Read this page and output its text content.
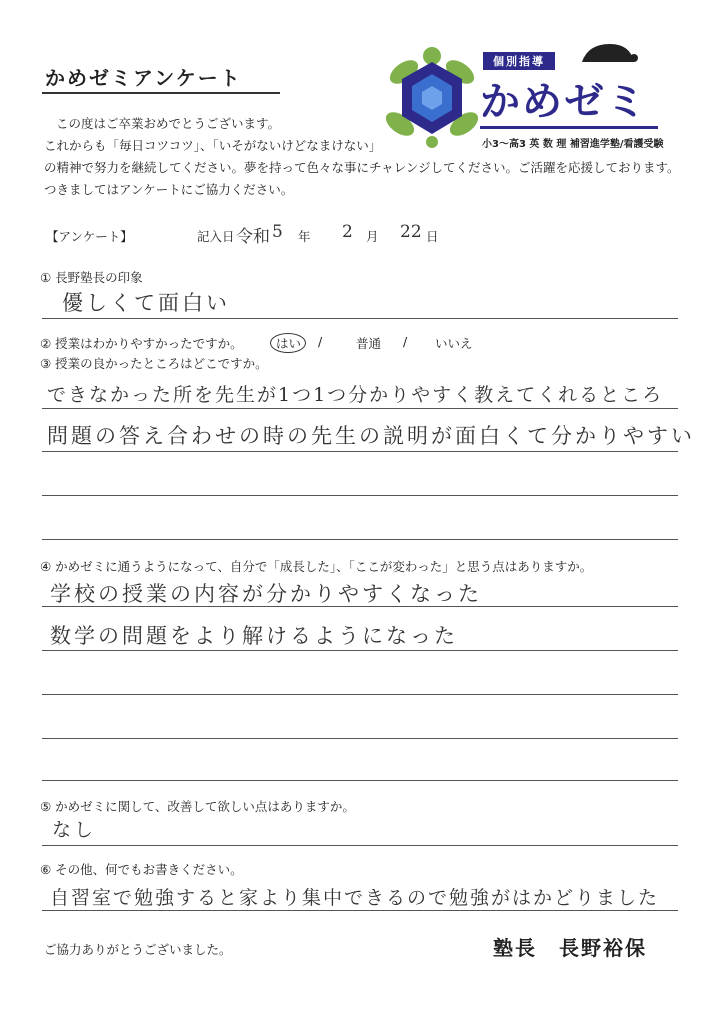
かめゼミアンケート
個別指導
かめゼミ
小3〜高3 英 数 理 補習進学塾/看護受験
この度はご卒業おめでとうございます。
これからも「毎日コツコツ」、「いそがないけどなまけない」
の精神で努力を継続してください。夢を持って色々な事にチャレンジしてください。ご活躍を応援しております。
つきましてはアンケートにご協力ください。
【アンケート】	記入日 令和 5 年 2 月 22 日
① 長野塾長の印象
優しくて面白い
② 授業はわかりやすかったですか。	はい /	普通 / いいえ
③ 授業の良かったところはどこですか。
できなかった所を先生が1つ1つ分かりやすく教えてくれるところ
問題の答え合わせの時の先生の説明が面白くて分かりやすい
④ かめゼミに通うようになって、自分で「成長した」、「ここが変わった」と思う点はありますか。
学校の授業の内容が分かりやすくなった
数学の問題をより解けるようになった
⑤ かめゼミに関して、改善して欲しい点はありますか。
なし
⑥ その他、何でもお書きください。
自習室で勉強すると家より集中できるので勉強がはかどりました
ご協力ありがとうございました。	塾長　長野裕保
